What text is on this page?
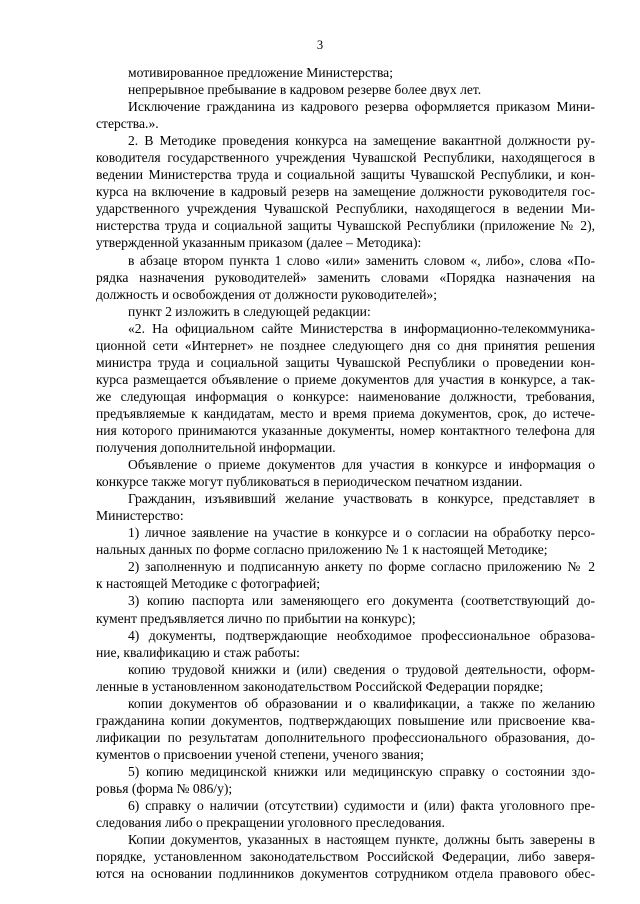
3
мотивированное предложение Министерства;
непрерывное пребывание в кадровом резерве более двух лет.
Исключение гражданина из кадрового резерва оформляется приказом Мини-
стерства.».
2. В Методике проведения конкурса на замещение вакантной должности ру-
ководителя государственного учреждения Чувашской Республики, находящегося в
ведении Министерства труда и социальной защиты Чувашской Республики, и кон-
курса на включение в кадровый резерв на замещение должности руководителя гос-
ударственного учреждения Чувашской Республики, находящегося в ведении Ми-
нистерства труда и социальной защиты Чувашской Республики (приложение № 2),
утвержденной указанным приказом (далее – Методика):
в абзаце втором пункта 1 слово «или» заменить словом «, либо», слова «По-
рядка назначения руководителей» заменить словами «Порядка назначения на
должность и освобождения от должности руководителей»;
пункт 2 изложить в следующей редакции:
«2. На официальном сайте Министерства в информационно-телекоммуника-
ционной сети «Интернет» не позднее следующего дня со дня принятия решения
министра труда и социальной защиты Чувашской Республики о проведении кон-
курса размещается объявление о приеме документов для участия в конкурсе, а так-
же следующая информация о конкурсе: наименование должности, требования,
предъявляемые к кандидатам, место и время приема документов, срок, до истече-
ния которого принимаются указанные документы, номер контактного телефона для
получения дополнительной информации.
Объявление о приеме документов для участия в конкурсе и информация о
конкурсе также могут публиковаться в периодическом печатном издании.
Гражданин, изъявивший желание участвовать в конкурсе, представляет в
Министерство:
1) личное заявление на участие в конкурсе и о согласии на обработку персо-
нальных данных по форме согласно приложению № 1 к настоящей Методике;
2) заполненную и подписанную анкету по форме согласно приложению № 2
к настоящей Методике с фотографией;
3) копию паспорта или заменяющего его документа (соответствующий до-
кумент предъявляется лично по прибытии на конкурс);
4) документы, подтверждающие необходимое профессиональное образова-
ние, квалификацию и стаж работы:
копию трудовой книжки и (или) сведения о трудовой деятельности, оформ-
ленные в установленном законодательством Российской Федерации порядке;
копии документов об образовании и о квалификации, а также по желанию
гражданина копии документов, подтверждающих повышение или присвоение ква-
лификации по результатам дополнительного профессионального образования, до-
кументов о присвоении ученой степени, ученого звания;
5) копию медицинской книжки или медицинскую справку о состоянии здо-
ровья (форма № 086/у);
6) справку о наличии (отсутствии) судимости и (или) факта уголовного пре-
следования либо о прекращении уголовного преследования.
Копии документов, указанных в настоящем пункте, должны быть заверены в
порядке, установленном законодательством Российской Федерации, либо заверя-
ются на основании подлинников документов сотрудником отдела правового обес-
